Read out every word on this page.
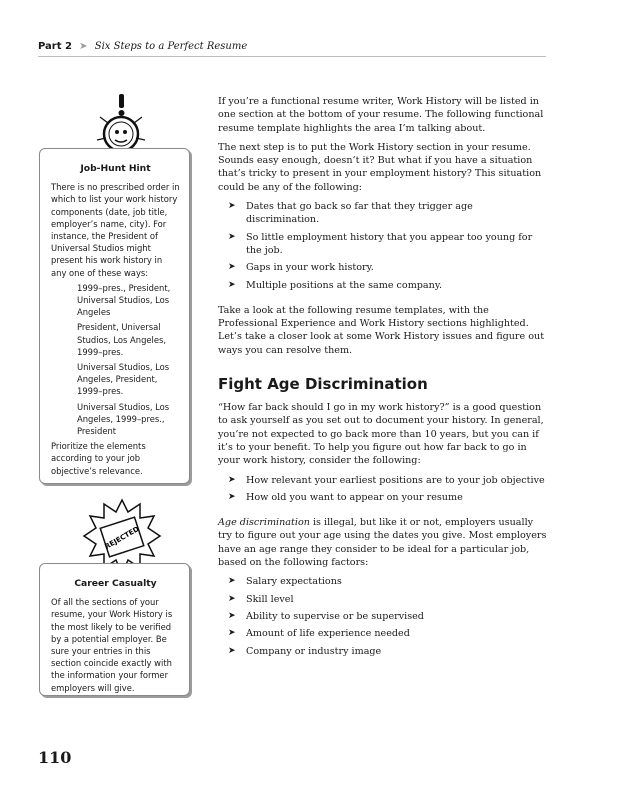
Part 2 ➤ Six Steps to a Perfect Resume
Job-Hunt Hint

There is no prescribed order in which to list your work history components (date, job title, employer’s name, city). For instance, the President of Universal Studios might present his work history in any one of these ways:

1999–pres., President, Universal Studios, Los Angeles
President, Universal Studios, Los Angeles, 1999–pres.
Universal Studios, Los Angeles, President, 1999–pres.
Universal Studios, Los Angeles, 1999–pres., President

Prioritize the elements according to your job objective’s relevance.

REJECTED
Career Casualty

Of all the sections of your resume, your Work History is the most likely to be verified by a potential employer. Be sure your entries in this section coincide exactly with the information your former employers will give.

If you’re a functional resume writer, Work History will be listed in one section at the bottom of your resume. The following functional resume template highlights the area I’m talking about.

The next step is to put the Work History section in your resume. Sounds easy enough, doesn’t it? But what if you have a situation that’s tricky to present in your employment history? This situation could be any of the following:

➤ Dates that go back so far that they trigger age discrimination.
➤ So little employment history that you appear too young for the job.
➤ Gaps in your work history.
➤ Multiple positions at the same company.

Take a look at the following resume templates, with the Professional Experience and Work History sections highlighted. Let’s take a closer look at some Work History issues and figure out ways you can resolve them.

Fight Age Discrimination

“How far back should I go in my work history?” is a good question to ask yourself as you set out to document your history. In general, you’re not expected to go back more than 10 years, but you can if it’s to your benefit. To help you figure out how far back to go in your work history, consider the following:

➤ How relevant your earliest positions are to your job objective
➤ How old you want to appear on your resume

Age discrimination is illegal, but like it or not, employers usually try to figure out your age using the dates you give. Most employers have an age range they consider to be ideal for a particular job, based on the following factors:

➤ Salary expectations
➤ Skill level
➤ Ability to supervise or be supervised
➤ Amount of life experience needed
➤ Company or industry image
110
